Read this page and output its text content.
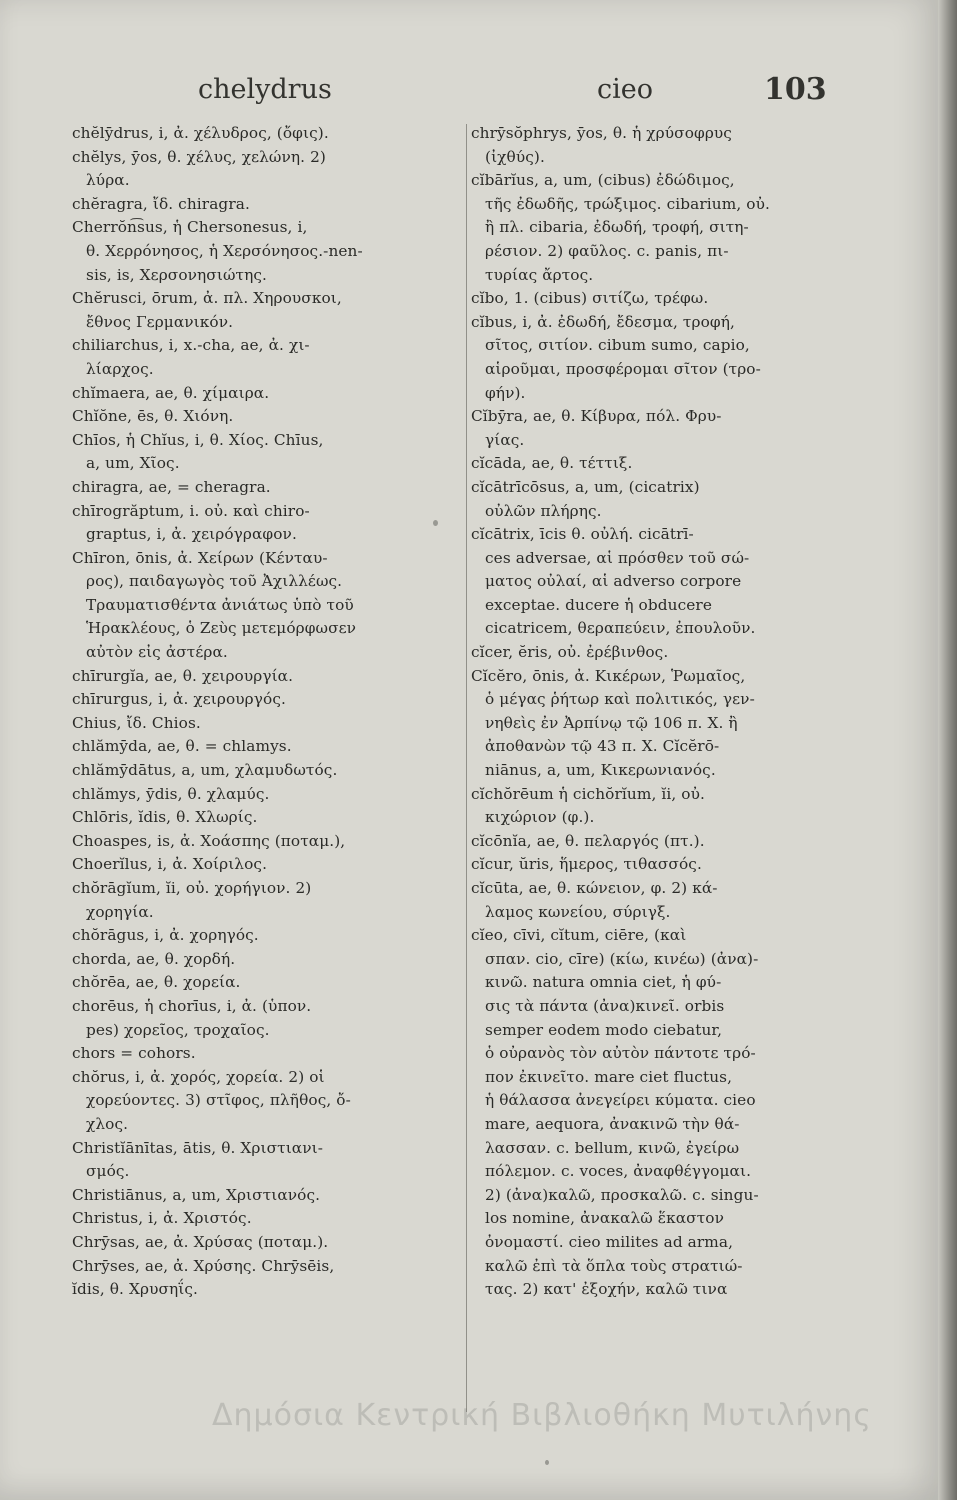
chelydrus	cieo	103
chĕlȳdrus, i, ἀ. χέλυδρος, (ὄφις).
chĕlys, ȳos, θ. χέλυς, χελώνη. 2)
λύρα.
chĕragra, ἴδ. chiragra.
Cherrŏn͡sus, ἡ Chersonesus, i,
θ. Χερρόνησος, ἡ Χερσόνησος.-nen-
sis, is, Χερσονησιώτης.
Chĕrusci, ōrum, ἀ. πλ. Χηρουσκοι,
ἔθνος Γερμανικόν.
chiliarchus, i, x.-cha, ae, ἀ. χι-
λίαρχος.
chĭmaera, ae, θ. χίμαιρα.
Chĭŏne, ēs, θ. Χιόνη.
Chīos, ἡ Chĭus, i, θ. Χίος. Chīus,
a, um, Χῖος.
chiragra, ae, = cheragra.
chīrogrăptum, i. οὐ. καὶ chiro-
graptus, i, ἀ. χειρόγραφον.
Chīron, ōnis, ἀ. Χείρων (Κένταυ-
ρος), παιδαγωγὸς τοῦ Ἀχιλλέως.
Τραυματισθέντα ἀνιάτως ὑπὸ τοῦ
Ἡρακλέους, ὁ Ζεὺς μετεμόρφωσεν
αὐτὸν εἰς ἀστέρα.
chīrurgĭa, ae, θ. χειρουργία.
chīrurgus, i, ἀ. χειρουργός.
Chius, ἴδ. Chios.
chlămȳda, ae, θ. = chlamys.
chlămȳdātus, a, um, χλαμυδωτός.
chlămys, ȳdis, θ. χλαμύς.
Chlōris, ĭdis, θ. Χλωρίς.
Choaspes, is, ἀ. Χοάσπης (ποταμ.),
Choerĭlus, i, ἀ. Χοίριλος.
chŏrāgĭum, ĭi, οὐ. χορήγιον. 2)
χορηγία.
chŏrāgus, i, ἀ. χορηγός.
chorda, ae, θ. χορδή.
chŏrēa, ae, θ. χορεία.
chorēus, ἡ chorīus, i, ἀ. (ὑπον.
pes) χορεῖος, τροχαῖος.
chors = cohors.
chŏrus, i, ἀ. χορός, χορεία. 2) οἱ
χορεύοντες. 3) στῖφος, πλῆθος, ὄ-
χλος.
Christĭānītas, ātis, θ. Χριστιανι-
σμός.
Christiānus, a, um, Χριστιανός.
Christus, i, ἀ. Χριστός.
Chrȳsas, ae, ἀ. Χρύσας (ποταμ.).
Chrȳses, ae, ἀ. Χρύσης. Chrȳsēis,
ĭdis, θ. Χρυσηΐς.
chrȳsŏphrys, ȳos, θ. ἡ χρύσοφρυς
(ἰχθύς).
cĭbārĭus, a, um, (cibus) ἐδώδιμος,
τῆς ἐδωδῆς, τρώξιμος. cibarium, οὐ.
ἢ πλ. cibaria, ἐδωδή, τροφή, σιτη-
ρέσιον. 2) φαῦλος. c. panis, πι-
τυρίας ἄρτος.
cĭbo, 1. (cibus) σιτίζω, τρέφω.
cĭbus, i, ἀ. ἐδωδή, ἔδεσμα, τροφή,
σῖτος, σιτίον. cibum sumo, capio,
αἱροῦμαι, προσφέρομαι σῖτον (τρο-
φήν).
Cĭbȳra, ae, θ. Κίβυρα, πόλ. Φρυ-
γίας.
cĭcāda, ae, θ. τέττιξ.
cĭcātrīcōsus, a, um, (cicatrix)
οὐλῶν πλήρης.
cĭcātrix, īcis θ. οὐλή. cicātrī-
ces adversae, αἱ πρόσθεν τοῦ σώ-
ματος οὐλαί, αἱ adverso corpore
exceptae. ducere ἡ obducere
cicatricem, θεραπεύειν, ἐπουλοῦν.
cĭcer, ĕris, οὐ. ἐρέβινθος.
Cĭcĕro, ōnis, ἀ. Κικέρων, Ῥωμαῖος,
ὁ μέγας ῥήτωρ καὶ πολιτικός, γεν-
νηθεὶς ἐν Ἀρπίνῳ τῷ 106 π. Χ. ἢ
ἀποθανὼν τῷ 43 π. Χ. Cĭcĕrō-
niānus, a, um, Κικερωνιανός.
cĭchŏrēum ἡ cichŏrĭum, ĭi, οὐ.
κιχώριον (φ.).
cĭcōnĭa, ae, θ. πελαργός (πτ.).
cĭcur, ŭris, ἥμερος, τιθασσός.
cĭcūta, ae, θ. κώνειον, φ. 2) κά-
λαμος κωνείου, σύριγξ.
cĭeo, cīvi, cĭtum, ciēre, (καὶ
σπαν. cio, cīre) (κίω, κινέω) (ἀνα)-
κινῶ. natura omnia ciet, ἡ φύ-
σις τὰ πάντα (ἀνα)κινεῖ. orbis
semper eodem modo ciebatur,
ὁ οὐρανὸς τὸν αὐτὸν πάντοτε τρό-
πον ἐκινεῖτο. mare ciet fluctus,
ἡ θάλασσα ἀνεγείρει κύματα. cieo
mare, aequora, ἀνακινῶ τὴν θά-
λασσαν. c. bellum, κινῶ, ἐγείρω
πόλεμον. c. voces, ἀναφθέγγομαι.
2) (ἀνα)καλῶ, προσκαλῶ. c. singu-
los nomine, ἀνακαλῶ ἕκαστον
ὀνομαστί. cieo milites ad arma,
καλῶ ἐπὶ τὰ ὅπλα τοὺς στρατιώ-
τας. 2) κατ' ἐξοχήν, καλῶ τινα
Δημόσια Κεντρική Βιβλιοθήκη Μυτιλήνης
